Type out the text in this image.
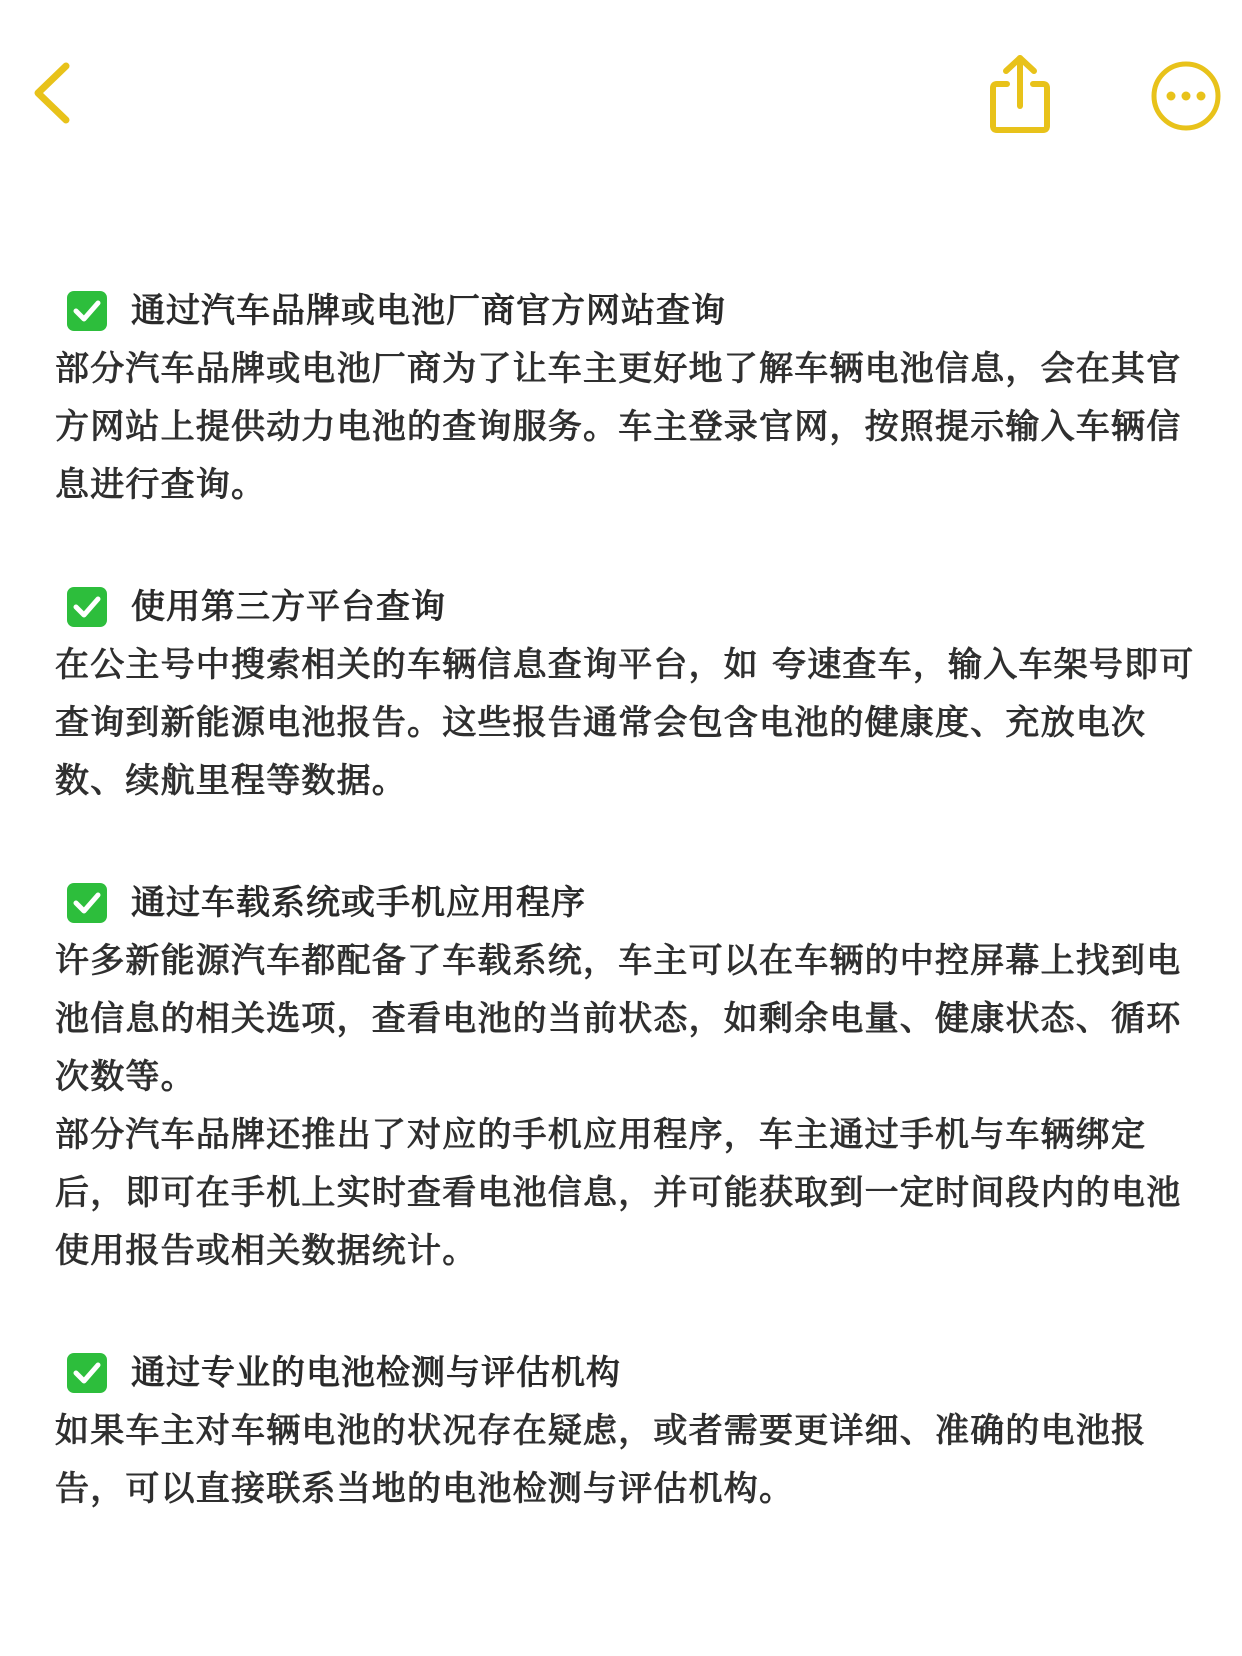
通过汽车品牌或电池厂商官方网站查询

部分汽车品牌或电池厂商为了让车主更好地了解车辆电池信息，会在其官方网站上提供动力电池的查询服务。车主登录官网，按照提示输入车辆信息进行查询。

使用第三方平台查询

在公主号中搜索相关的车辆信息查询平台，如 夸速查车，输入车架号即可查询到新能源电池报告。这些报告通常会包含电池的健康度、充放电次数、续航里程等数据。

通过车载系统或手机应用程序

许多新能源汽车都配备了车载系统，车主可以在车辆的中控屏幕上找到电池信息的相关选项，查看电池的当前状态，如剩余电量、健康状态、循环次数等。

部分汽车品牌还推出了对应的手机应用程序，车主通过手机与车辆绑定后，即可在手机上实时查看电池信息，并可能获取到一定时间段内的电池使用报告或相关数据统计。

通过专业的电池检测与评估机构

如果车主对车辆电池的状况存在疑虑，或者需要更详细、准确的电池报告，可以直接联系当地的电池检测与评估机构。
